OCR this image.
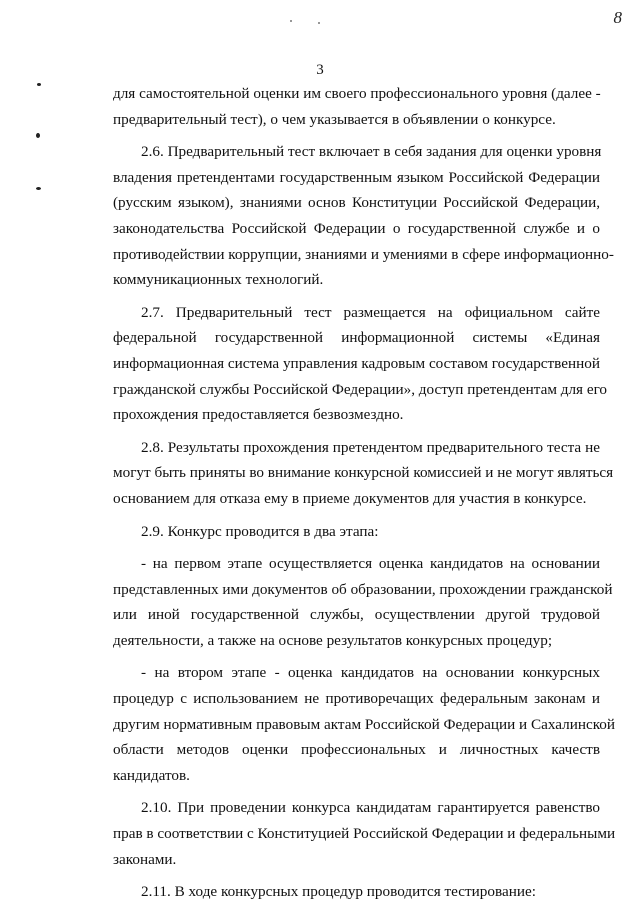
8
3
для самостоятельной оценки им своего профессионального уровня (далее -
предварительный тест), о чем указывается в объявлении о конкурсе.
2.6. Предварительный тест включает в себя задания для оценки уровня
владения претендентами государственным языком Российской Федерации
(русским языком), знаниями основ Конституции Российской Федерации,
законодательства Российской Федерации о государственной службе и о
противодействии коррупции, знаниями и умениями в сфере информационно-
коммуникационных технологий.
2.7. Предварительный тест размещается на официальном сайте
федеральной государственной информационной системы «Единая
информационная система управления кадровым составом государственной
гражданской службы Российской Федерации», доступ претендентам для его
прохождения предоставляется безвозмездно.
2.8. Результаты прохождения претендентом предварительного теста не
могут быть приняты во внимание конкурсной комиссией и не могут являться
основанием для отказа ему в приеме документов для участия в конкурсе.
2.9. Конкурс проводится в два этапа:
- на первом этапе осуществляется оценка кандидатов на основании
представленных ими документов об образовании, прохождении гражданской
или иной государственной службы, осуществлении другой трудовой
деятельности, а также на основе результатов конкурсных процедур;
- на втором этапе - оценка кандидатов на основании конкурсных
процедур с использованием не противоречащих федеральным законам и
другим нормативным правовым актам Российской Федерации и Сахалинской
области методов оценки профессиональных и личностных качеств
кандидатов.
2.10. При проведении конкурса кандидатам гарантируется равенство
прав в соответствии с Конституцией Российской Федерации и федеральными
законами.
2.11. В ходе конкурсных процедур проводится тестирование:
